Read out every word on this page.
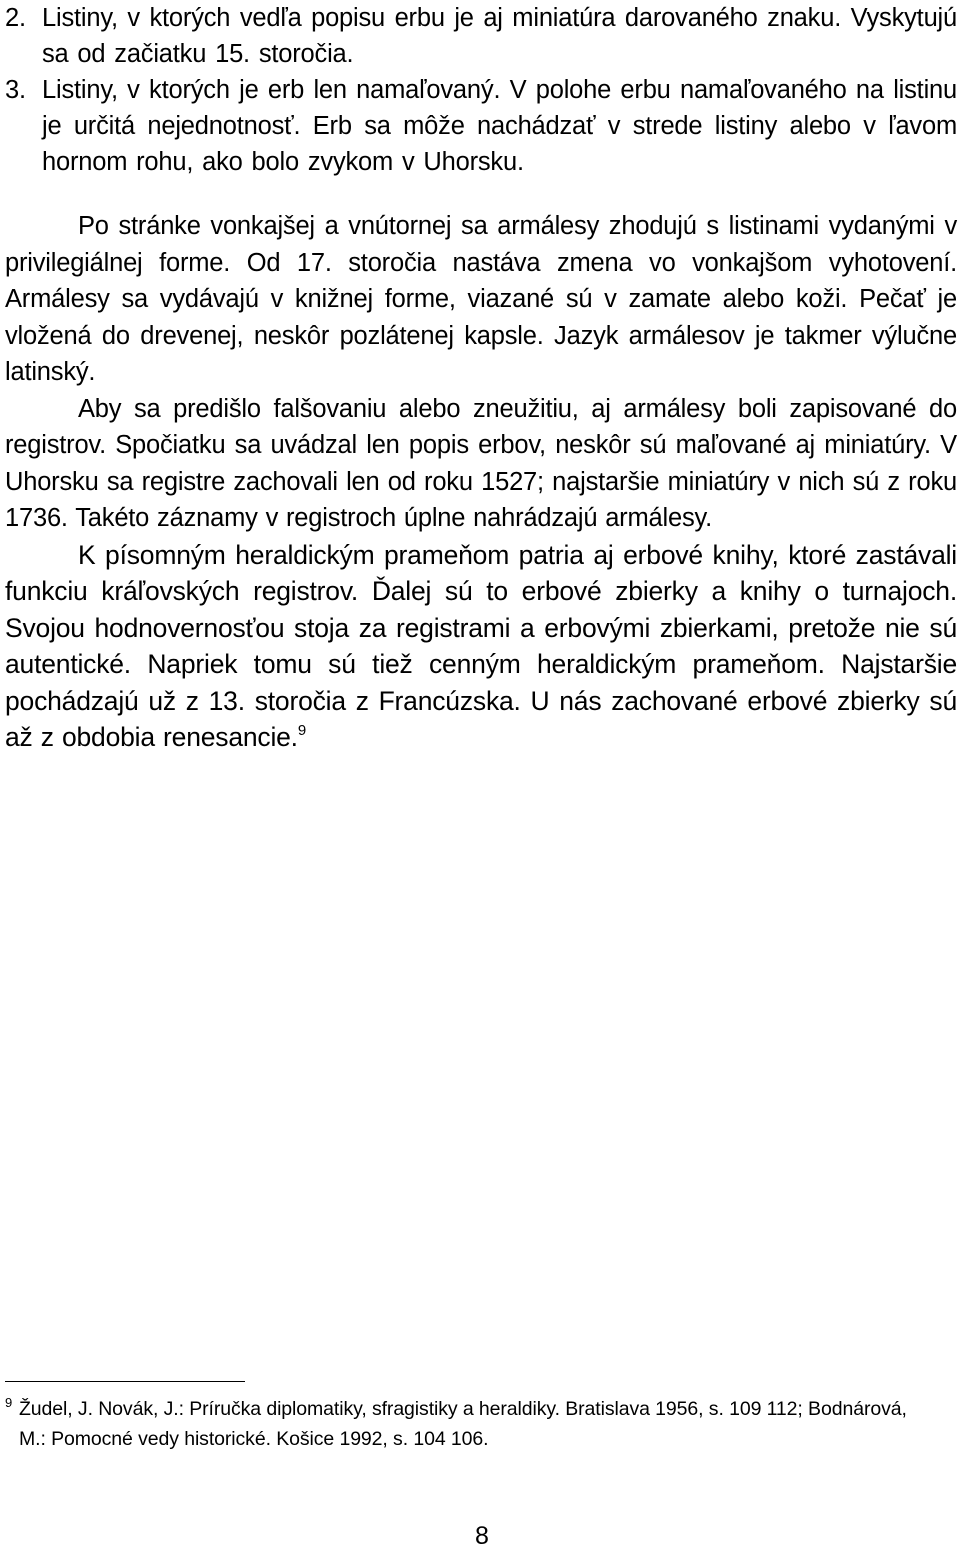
2. Listiny, v ktorých vedľa popisu erbu je aj miniatúra darovaného znaku. Vyskytujú sa od začiatku 15. storočia.
3. Listiny, v ktorých je erb len namaľovaný. V polohe erbu namaľovaného na listinu je určitá nejednotnosť. Erb sa môže nachádzať v strede listiny alebo v ľavom hornom rohu, ako bolo zvykom v Uhorsku.

Po stránke vonkajšej a vnútornej sa armálesy zhodujú s listinami vydanými v privilegiálnej forme. Od 17. storočia nastáva zmena vo vonkajšom vyhotovení. Armálesy sa vydávajú v knižnej forme, viazané sú v zamate alebo koži. Pečať je vložená do drevenej, neskôr pozlátenej kapsle. Jazyk armálesov je takmer výlučne latinský.

Aby sa predišlo falšovaniu alebo zneužitiu, aj armálesy boli zapisované do registrov. Spočiatku sa uvádzal len popis erbov, neskôr sú maľované aj miniatúry. V Uhorsku sa registre zachovali len od roku 1527; najstaršie miniatúry v nich sú z roku 1736. Takéto záznamy v registroch úplne nahrádzajú armálesy.

K písomným heraldickým prameňom patria aj erbové knihy, ktoré zastávali funkciu kráľovských registrov. Ďalej sú to erbové zbierky a knihy o turnajoch. Svojou hodnovernosťou stoja za registrami a erbovými zbierkami, pretože nie sú autentické. Napriek tomu sú tiež cenným heraldickým prameňom. Najstaršie pochádzajú už z 13. storočia z Francúzska. U nás zachované erbové zbierky sú až z obdobia renesancie.$^9$

9 Žudel, J. Novák, J.: Príručka diplomatiky, sfragistiky a heraldiky. Bratislava 1956, s. 109 112; Bodnárová,
M.: Pomocné vedy historické. Košice 1992, s. 104 106.
8
